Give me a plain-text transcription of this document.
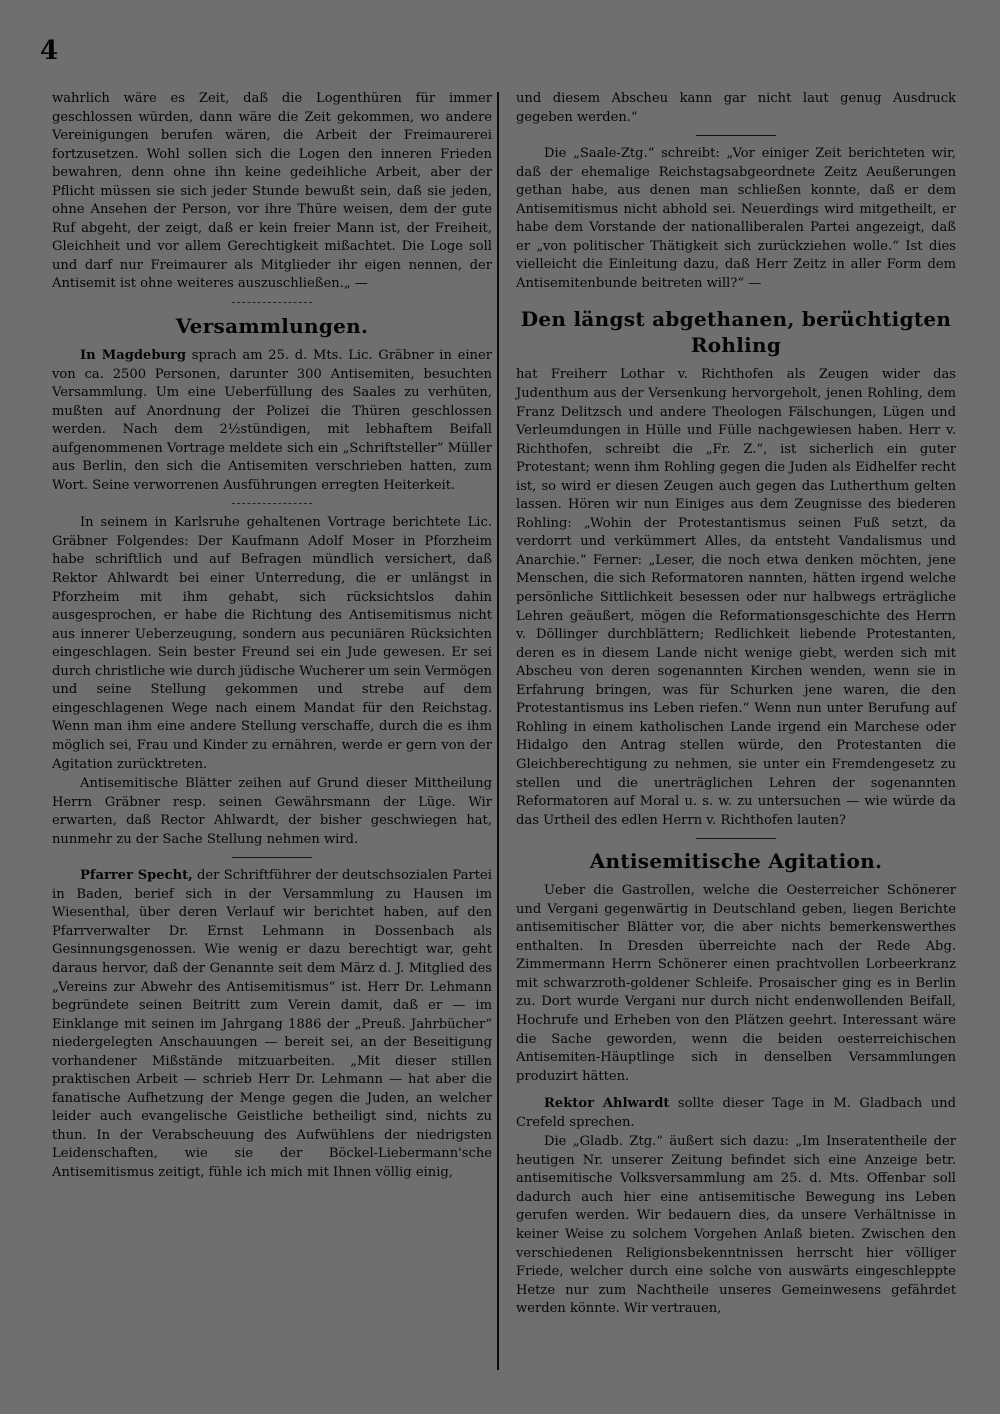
4

wahrlich wäre es Zeit, daß die Logenthüren für immer geschlossen würden, dann wäre die Zeit gekommen, wo andere Vereinigungen berufen wären, die Arbeit der Freimaurerei fortzusetzen. Wohl sollen sich die Logen den inneren Frieden bewahren, denn ohne ihn keine gedeihliche Arbeit, aber der Pflicht müssen sie sich jeder Stunde bewußt sein, daß sie jeden, ohne Ansehen der Person, vor ihre Thüre weisen, dem der gute Ruf abgeht, der zeigt, daß er kein freier Mann ist, der Freiheit, Gleichheit und vor allem Gerechtigkeit mißachtet. Die Loge soll und darf nur Freimaurer als Mitglieder ihr eigen nennen, der Antisemit ist ohne weiteres auszuschließen.„ —

Versammlungen.

In Magdeburg sprach am 25. d. Mts. Lic. Gräbner in einer von ca. 2500 Personen, darunter 300 Antisemiten, besuchten Versammlung. Um eine Ueberfüllung des Saales zu verhüten, mußten auf Anordnung der Polizei die Thüren geschlossen werden. Nach dem 2½stündigen, mit lebhaftem Beifall aufgenommenen Vortrage meldete sich ein „Schriftsteller“ Müller aus Berlin, den sich die Antisemiten verschrieben hatten, zum Wort. Seine verworrenen Ausführungen erregten Heiterkeit.

In seinem in Karlsruhe gehaltenen Vortrage berichtete Lic. Gräbner Folgendes: Der Kaufmann Adolf Moser in Pforzheim habe schriftlich und auf Befragen mündlich versichert, daß Rektor Ahlwardt bei einer Unterredung, die er unlängst in Pforzheim mit ihm gehabt, sich rücksichtslos dahin ausgesprochen, er habe die Richtung des Antisemitismus nicht aus innerer Ueberzeugung, sondern aus pecuniären Rücksichten eingeschlagen. Sein bester Freund sei ein Jude gewesen. Er sei durch christliche wie durch jüdische Wucherer um sein Vermögen und seine Stellung gekommen und strebe auf dem eingeschlagenen Wege nach einem Mandat für den Reichstag. Wenn man ihm eine andere Stellung verschaffe, durch die es ihm möglich sei, Frau und Kinder zu ernähren, werde er gern von der Agitation zurücktreten.

Antisemitische Blätter zeihen auf Grund dieser Mittheilung Herrn Gräbner resp. seinen Gewährsmann der Lüge. Wir erwarten, daß Rector Ahlwardt, der bisher geschwiegen hat, nunmehr zu der Sache Stellung nehmen wird.

Pfarrer Specht, der Schriftführer der deutschsozialen Partei in Baden, berief sich in der Versammlung zu Hausen im Wiesenthal, über deren Verlauf wir berichtet haben, auf den Pfarrverwalter Dr. Ernst Lehmann in Dossenbach als Gesinnungsgenossen. Wie wenig er dazu berechtigt war, geht daraus hervor, daß der Genannte seit dem März d. J. Mitglied des „Vereins zur Abwehr des Antisemitismus“ ist. Herr Dr. Lehmann begründete seinen Beitritt zum Verein damit, daß er — im Einklange mit seinen im Jahrgang 1886 der „Preuß. Jahrbücher“ niedergelegten Anschauungen — bereit sei, an der Beseitigung vorhandener Mißstände mitzuarbeiten. „Mit dieser stillen praktischen Arbeit — schrieb Herr Dr. Lehmann — hat aber die fanatische Aufhetzung der Menge gegen die Juden, an welcher leider auch evangelische Geistliche betheiligt sind, nichts zu thun. In der Verabscheuung des Aufwühlens der niedrigsten Leidenschaften, wie sie der Böckel-Liebermann'sche Antisemitismus zeitigt, fühle ich mich mit Ihnen völlig einig,

und diesem Abscheu kann gar nicht laut genug Ausdruck gegeben werden.“

Die „Saale-Ztg.“ schreibt: „Vor einiger Zeit berichteten wir, daß der ehemalige Reichstagsabgeordnete Zeitz Aeußerungen gethan habe, aus denen man schließen konnte, daß er dem Antisemitismus nicht abhold sei. Neuerdings wird mitgetheilt, er habe dem Vorstande der nationalliberalen Partei angezeigt, daß er „von politischer Thätigkeit sich zurückziehen wolle.“ Ist dies vielleicht die Einleitung dazu, daß Herr Zeitz in aller Form dem Antisemitenbunde beitreten will?“ —

Den längst abgethanen, berüchtigten Rohling

hat Freiherr Lothar v. Richthofen als Zeugen wider das Judenthum aus der Versenkung hervorgeholt, jenen Rohling, dem Franz Delitzsch und andere Theologen Fälschungen, Lügen und Verleumdungen in Hülle und Fülle nachgewiesen haben. Herr v. Richthofen, schreibt die „Fr. Z.“, ist sicherlich ein guter Protestant; wenn ihm Rohling gegen die Juden als Eidhelfer recht ist, so wird er diesen Zeugen auch gegen das Lutherthum gelten lassen. Hören wir nun Einiges aus dem Zeugnisse des biederen Rohling: „Wohin der Protestantismus seinen Fuß setzt, da verdorrt und verkümmert Alles, da entsteht Vandalismus und Anarchie.“ Ferner: „Leser, die noch etwa denken möchten, jene Menschen, die sich Reformatoren nannten, hätten irgend welche persönliche Sittlichkeit besessen oder nur halbwegs erträgliche Lehren geäußert, mögen die Reformationsgeschichte des Herrn v. Döllinger durchblättern; Redlichkeit liebende Protestanten, deren es in diesem Lande nicht wenige giebt, werden sich mit Abscheu von deren sogenannten Kirchen wenden, wenn sie in Erfahrung bringen, was für Schurken jene waren, die den Protestantismus ins Leben riefen.“ Wenn nun unter Berufung auf Rohling in einem katholischen Lande irgend ein Marchese oder Hidalgo den Antrag stellen würde, den Protestanten die Gleichberechtigung zu nehmen, sie unter ein Fremdengesetz zu stellen und die unerträglichen Lehren der sogenannten Reformatoren auf Moral u. s. w. zu untersuchen — wie würde da das Urtheil des edlen Herrn v. Richthofen lauten?

Antisemitische Agitation.

Ueber die Gastrollen, welche die Oesterreicher Schönerer und Vergani gegenwärtig in Deutschland geben, liegen Berichte antisemitischer Blätter vor, die aber nichts bemerkenswerthes enthalten. In Dresden überreichte nach der Rede Abg. Zimmermann Herrn Schönerer einen prachtvollen Lorbeerkranz mit schwarzroth-goldener Schleife. Prosaischer ging es in Berlin zu. Dort wurde Vergani nur durch nicht endenwollenden Beifall, Hochrufe und Erheben von den Plätzen geehrt. Interessant wäre die Sache geworden, wenn die beiden oesterreichischen Antisemiten-Häuptlinge sich in denselben Versammlungen produzirt hätten.

Rektor Ahlwardt sollte dieser Tage in M. Gladbach und Crefeld sprechen.

Die „Gladb. Ztg.“ äußert sich dazu: „Im Inseratentheile der heutigen Nr. unserer Zeitung befindet sich eine Anzeige betr. antisemitische Volksversammlung am 25. d. Mts. Offenbar soll dadurch auch hier eine antisemitische Bewegung ins Leben gerufen werden. Wir bedauern dies, da unsere Verhältnisse in keiner Weise zu solchem Vorgehen Anlaß bieten. Zwischen den verschiedenen Religionsbekenntnissen herrscht hier völliger Friede, welcher durch eine solche von auswärts eingeschleppte Hetze nur zum Nachtheile unseres Gemeinwesens gefährdet werden könnte. Wir vertrauen,
